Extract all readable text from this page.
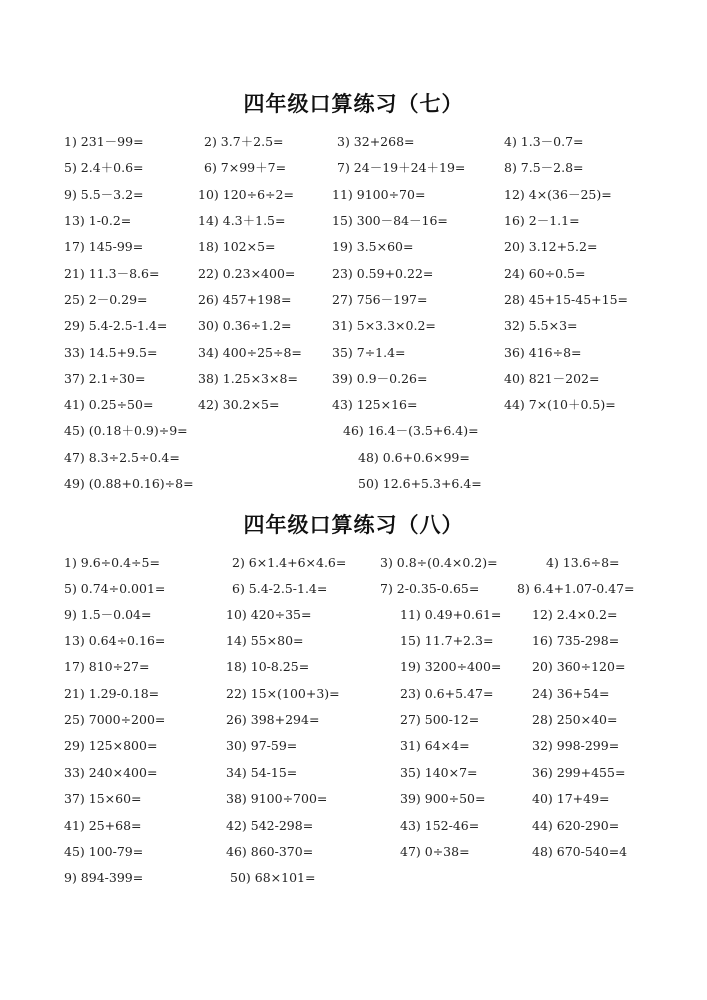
四年级口算练习（七）
1) 231－99=	2) 3.7＋2.5=	3) 32+268=	4) 1.3－0.7=
5) 2.4＋0.6=	6) 7×99＋7=	7) 24－19＋24＋19=	8) 7.5－2.8=
9) 5.5－3.2=	10) 120÷6÷2=	11) 9100÷70=	12) 4×(36－25)=
13) 1-0.2=	14) 4.3＋1.5=	15) 300－84－16=	16) 2－1.1=
17) 145-99=	18) 102×5=	19) 3.5×60=	20) 3.12+5.2=
21) 11.3－8.6=	22) 0.23×400=	23) 0.59+0.22=	24) 60÷0.5=
25) 2－0.29=	26) 457+198=	27) 756－197=	28) 45+15-45+15=
29) 5.4-2.5-1.4= 30) 0.36÷1.2=	31) 5×3.3×0.2=	32) 5.5×3=
33) 14.5+9.5=	34) 400÷25÷8= 35) 7÷1.4=	36) 416÷8=
37) 2.1÷30=	38) 1.25×3×8=	39) 0.9－0.26=	40) 821－202=
41) 0.25÷50=	42) 30.2×5=	43) 125×16=	44) 7×(10＋0.5)=
45) (0.18＋0.9)÷9=	46) 16.4－(3.5+6.4)=
47) 8.3÷2.5÷0.4=	48) 0.6+0.6×99=
49) (0.88+0.16)÷8=	50) 12.6+5.3+6.4=
四年级口算练习（八）
1) 9.6÷0.4÷5=	2) 6×1.4+6×4.6=	3) 0.8÷(0.4×0.2)=	4) 13.6÷8=
5) 0.74÷0.001=	6) 5.4-2.5-1.4=	7) 2-0.35-0.65=	8) 6.4+1.07-0.47=
9) 1.5－0.04=	10) 420÷35=	11) 0.49+0.61= 12) 2.4×0.2=
13) 0.64÷0.16=	14) 55×80=	15) 11.7+2.3=	16) 735-298=
17) 810÷27=	18) 10-8.25=	19) 3200÷400= 20) 360÷120=
21) 1.29-0.18=	22) 15×(100+3)=	23) 0.6+5.47=	24) 36+54=
25) 7000÷200=	26) 398+294=	27) 500-12=	28) 250×40=
29) 125×800=	30) 97-59=	31) 64×4=	32) 998-299=
33) 240×400=	34) 54-15=	35) 140×7=	36) 299+455=
37) 15×60=	38) 9100÷700=	39) 900÷50=	40) 17+49=
41) 25+68=	42) 542-298=	43) 152-46=	44) 620-290=
45) 100-79=	46) 860-370=	47) 0÷38=	48) 670-540=4
9) 894-399=	50) 68×101=
